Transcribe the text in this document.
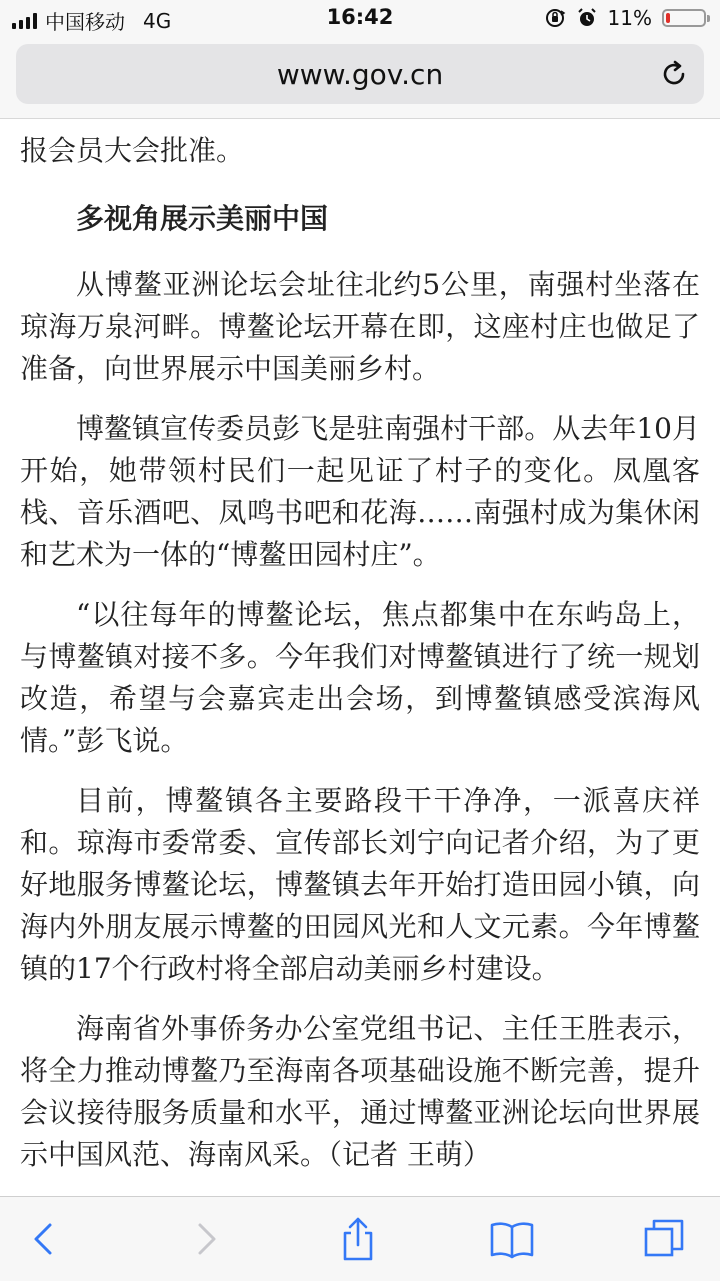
中国移动 4G	16:42	11%
www.gov.cn

报会员大会批准。

多视角展示美丽中国

从博鳌亚洲论坛会址往北约5公里，南强村坐落在琼海万泉河畔。博鳌论坛开幕在即，这座村庄也做足了准备，向世界展示中国美丽乡村。

博鳌镇宣传委员彭飞是驻南强村干部。从去年10月开始，她带领村民们一起见证了村子的变化。凤凰客栈、音乐酒吧、凤鸣书吧和花海……南强村成为集休闲和艺术为一体的“博鳌田园村庄”。

“以往每年的博鳌论坛，焦点都集中在东屿岛上，与博鳌镇对接不多。今年我们对博鳌镇进行了统一规划改造，希望与会嘉宾走出会场，到博鳌镇感受滨海风情。”彭飞说。

目前，博鳌镇各主要路段干干净净，一派喜庆祥和。琼海市委常委、宣传部长刘宁向记者介绍，为了更好地服务博鳌论坛，博鳌镇去年开始打造田园小镇，向海内外朋友展示博鳌的田园风光和人文元素。今年博鳌镇的17个行政村将全部启动美丽乡村建设。

海南省外事侨务办公室党组书记、主任王胜表示，将全力推动博鳌乃至海南各项基础设施不断完善，提升会议接待服务质量和水平，通过博鳌亚洲论坛向世界展示中国风范、海南风采。（记者 王萌）
